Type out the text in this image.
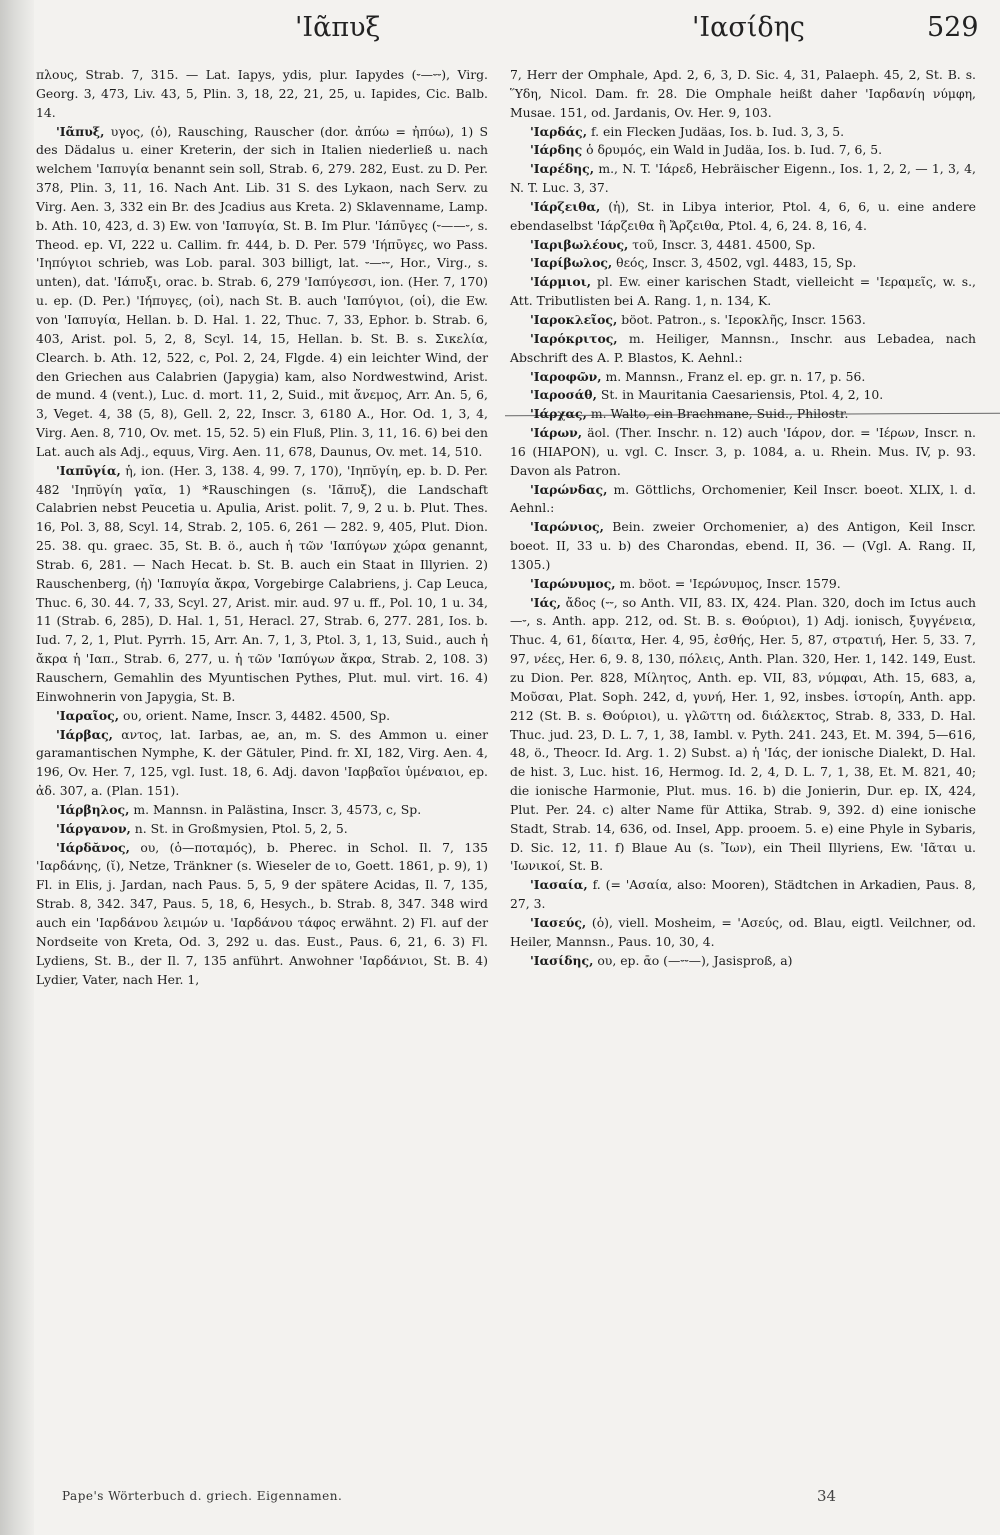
'Ιᾶπυξ	'Ιασίδης	529

πλους, Strab. 7, 315. — Lat. Iapys, ydis, plur. Iapydes (⏑—⏑⏑), Virg. Georg. 3, 473, Liv. 43, 5, Plin. 3, 18, 22, 21, 25, u. Iapides, Cic. Balb. 14.

'Ιᾶπυξ, υγος, (ὁ), Rausching, Rauscher (dor. ἀπύω = ἠπύω), 1) S des Dädalus u. einer Kreterin, der sich in Italien niederließ u. nach welchem 'Ιαπυγία benannt sein soll, Strab. 6, 279. 282, Eust. zu D. Per. 378, Plin. 3, 11, 16. Nach Ant. Lib. 31 S. des Lykaon, nach Serv. zu Virg. Aen. 3, 332 ein Br. des Jcadius aus Kreta. 2) Sklavenname, Lamp. b. Ath. 10, 423, d. 3) Ew. von 'Ιαπυγία, St. B. Im Plur. 'Ιάπῡγες (⏑——⏑, s. Theod. ep. VI, 222 u. Callim. fr. 444, b. D. Per. 579 'Ιήπῡγες, wo Pass. 'Ιηπύγιοι schrieb, was Lob. paral. 303 billigt, lat. ⏑—⏑⏑, Hor., Virg., s. unten), dat. 'Ιάπυξι, orac. b. Strab. 6, 279 'Ιαπύγεσσι, ion. (Her. 7, 170) u. ep. (D. Per.) 'Ιήπυγες, (οἱ), nach St. B. auch 'Ιαπύγιοι, (οἱ), die Ew. von 'Ιαπυγία, Hellan. b. D. Hal. 1. 22, Thuc. 7, 33, Ephor. b. Strab. 6, 403, Arist. pol. 5, 2, 8, Scyl. 14, 15, Hellan. b. St. B. s. Σικελία, Clearch. b. Ath. 12, 522, c, Pol. 2, 24, Flgde. 4) ein leichter Wind, der den Griechen aus Calabrien (Japygia) kam, also Nordwestwind, Arist. de mund. 4 (vent.), Luc. d. mort. 11, 2, Suid., mit ἄνεμος, Arr. An. 5, 6, 3, Veget. 4, 38 (5, 8), Gell. 2, 22, Inscr. 3, 6180 A., Hor. Od. 1, 3, 4, Virg. Aen. 8, 710, Ov. met. 15, 52. 5) ein Fluß, Plin. 3, 11, 16. 6) bei den Lat. auch als Adj., equus, Virg. Aen. 11, 678, Daunus, Ov. met. 14, 510.

'Ιαπῡγία, ἡ, ion. (Her. 3, 138. 4, 99. 7, 170), 'Ιηπῠγίη, ep. b. D. Per. 482 'Ιηπῠγίη γαῖα, 1) *Rauschingen (s. 'Ιᾶπυξ), die Landschaft Calabrien nebst Peucetia u. Apulia, Arist. polit. 7, 9, 2 u. b. Plut. Thes. 16, Pol. 3, 88, Scyl. 14, Strab. 2, 105. 6, 261 — 282. 9, 405, Plut. Dion. 25. 38. qu. graec. 35, St. B. ö., auch ἡ τῶν 'Ιαπύγων χώρα genannt, Strab. 6, 281. — Nach Hecat. b. St. B. auch ein Staat in Illyrien. 2) Rauschenberg, (ἡ) 'Ιαπυγία ἄκρα, Vorgebirge Calabriens, j. Cap Leuca, Thuc. 6, 30. 44. 7, 33, Scyl. 27, Arist. mir. aud. 97 u. ff., Pol. 10, 1 u. 34, 11 (Strab. 6, 285), D. Hal. 1, 51, Heracl. 27, Strab. 6, 277. 281, Ios. b. Iud. 7, 2, 1, Plut. Pyrrh. 15, Arr. An. 7, 1, 3, Ptol. 3, 1, 13, Suid., auch ἡ ἄκρα ἡ 'Ιαπ., Strab. 6, 277, u. ἡ τῶν 'Ιαπύγων ἄκρα, Strab. 2, 108. 3) Rauschern, Gemahlin des Myuntischen Pythes, Plut. mul. virt. 16. 4) Einwohnerin von Japygia, St. B.

'Ιαραῖος, ου, orient. Name, Inscr. 3, 4482. 4500, Sp.

'Ιάρβας, αντος, lat. Iarbas, ae, an, m. S. des Ammon u. einer garamantischen Nymphe, K. der Gätuler, Pind. fr. XI, 182, Virg. Aen. 4, 196, Ov. Her. 7, 125, vgl. Iust. 18, 6. Adj. davon 'Ιαρβαῖοι ὑμέναιοι, ep. ἀδ. 307, a. (Plan. 151).

'Ιάρβηλος, m. Mannsn. in Palästina, Inscr. 3, 4573, c, Sp.

'Ιάργανον, n. St. in Großmysien, Ptol. 5, 2, 5.

'Ιάρδᾰνος, ου, (ὁ—ποταμός), b. Pherec. in Schol. Il. 7, 135 'Ιαρδάνης, (ῐ), Netze, Tränkner (s. Wieseler de ιο, Goett. 1861, p. 9), 1) Fl. in Elis, j. Jardan, nach Paus. 5, 5, 9 der spätere Acidas, Il. 7, 135, Strab. 8, 342. 347, Paus. 5, 18, 6, Hesych., b. Strab. 8, 347. 348 wird auch ein 'Ιαρδάνου λειμών u. 'Ιαρδάνου τάφος erwähnt. 2) Fl. auf der Nordseite von Kreta, Od. 3, 292 u. das. Eust., Paus. 6, 21, 6. 3) Fl. Lydiens, St. B., der Il. 7, 135 anführt. Anwohner 'Ιαρδάνιοι, St. B. 4) Lydier, Vater, nach Her. 1,

7, Herr der Omphale, Apd. 2, 6, 3, D. Sic. 4, 31, Palaeph. 45, 2, St. B. s. Ὕδη, Nicol. Dam. fr. 28. Die Omphale heißt daher 'Ιαρδανίη νύμφη, Musae. 151, od. Jardanis, Ov. Her. 9, 103.

'Ιαρδάς, f. ein Flecken Judäas, Ios. b. Iud. 3, 3, 5.

'Ιάρδης ὁ δρυμός, ein Wald in Judäa, Ios. b. Iud. 7, 6, 5.

'Ιαρέδης, m., N. T. 'Ιάρεδ, Hebräischer Eigenn., Ios. 1, 2, 2, — 1, 3, 4, N. T. Luc. 3, 37.

'Ιάρζειθα, (ἡ), St. in Libya interior, Ptol. 4, 6, 6, u. eine andere ebendaselbst 'Ιάρζειθα ἢ Ἄρζειθα, Ptol. 4, 6, 24. 8, 16, 4.

'Ιαριβωλέους, τοῦ, Inscr. 3, 4481. 4500, Sp.

'Ιαρίβωλος, θεός, Inscr. 3, 4502, vgl. 4483, 15, Sp.

'Ιάρμιοι, pl. Ew. einer karischen Stadt, vielleicht = 'Ιεραμεῖς, w. s., Att. Tributlisten bei A. Rang. 1, n. 134, K.

'Ιαροκλεῖος, böot. Patron., s. 'Ιεροκλῆς, Inscr. 1563.

'Ιαρόκριτος, m. Heiliger, Mannsn., Inschr. aus Lebadea, nach Abschrift des A. P. Blastos, K. Aehnl.:

'Ιαροφῶν, m. Mannsn., Franz el. ep. gr. n. 17, p. 56.

'Ιαροσάθ, St. in Mauritania Caesariensis, Ptol. 4, 2, 10.

'Ιάρχας, m. Walto, ein Brachmane, Suid., Philostr.

'Ιάρων, äol. (Ther. Inschr. n. 12) auch 'Ιάρον, dor. = 'Ιέρων, Inscr. n. 16 (HIAPON), u. vgl. C. Inscr. 3, p. 1084, a. u. Rhein. Mus. IV, p. 93. Davon als Patron.

'Ιαρώνδας, m. Göttlichs, Orchomenier, Keil Inscr. boeot. XLIX, l. d. Aehnl.:

'Ιαρώνιος, Bein. zweier Orchomenier, a) des Antigon, Keil Inscr. boeot. II, 33 u. b) des Charondas, ebend. II, 36. — (Vgl. A. Rang. II, 1305.)

'Ιαρώνυμος, m. böot. = 'Ιερώνυμος, Inscr. 1579.

'Ιάς, ἄδος (⏑⏑, so Anth. VII, 83. IX, 424. Plan. 320, doch im Ictus auch —⏑, s. Anth. app. 212, od. St. B. s. Θούριοι), 1) Adj. ionisch, ξυγγένεια, Thuc. 4, 61, δίαιτα, Her. 4, 95, ἐσθής, Her. 5, 87, στρατιή, Her. 5, 33. 7, 97, νέες, Her. 6, 9. 8, 130, πόλεις, Anth. Plan. 320, Her. 1, 142. 149, Eust. zu Dion. Per. 828, Μίλητος, Anth. ep. VII, 83, νύμφαι, Ath. 15, 683, a, Μοῦσαι, Plat. Soph. 242, d, γυνή, Her. 1, 92, insbes. ἱστορίη, Anth. app. 212 (St. B. s. Θούριοι), u. γλῶττη od. διάλεκτος, Strab. 8, 333, D. Hal. Thuc. jud. 23, D. L. 7, 1, 38, Iambl. v. Pyth. 241. 243, Et. M. 394, 5—616, 48, ö., Theocr. Id. Arg. 1. 2) Subst. a) ἡ 'Ιάς, der ionische Dialekt, D. Hal. de hist. 3, Luc. hist. 16, Hermog. Id. 2, 4, D. L. 7, 1, 38, Et. M. 821, 40; die ionische Harmonie, Plut. mus. 16. b) die Jonierin, Dur. ep. IX, 424, Plut. Per. 24. c) alter Name für Attika, Strab. 9, 392. d) eine ionische Stadt, Strab. 14, 636, od. Insel, App. prooem. 5. e) eine Phyle in Sybaris, D. Sic. 12, 11. f) Blaue Au (s. Ἴων), ein Theil Illyriens, Ew. 'Ιᾶται u. 'Ιωνικοί, St. B.

'Ιασαία, f. (= 'Ασαία, also: Mooren), Städtchen in Arkadien, Paus. 8, 27, 3.

'Ιασεύς, (ὁ), viell. Mosheim, = 'Ασεύς, od. Blau, eigtl. Veilchner, od. Heiler, Mannsn., Paus. 10, 30, 4.

'Ιασίδης, ου, ep. ᾱο (—⏑⏑—), Jasisproß, a)

Pape's Wörterbuch d. griech. Eigennamen.	34
